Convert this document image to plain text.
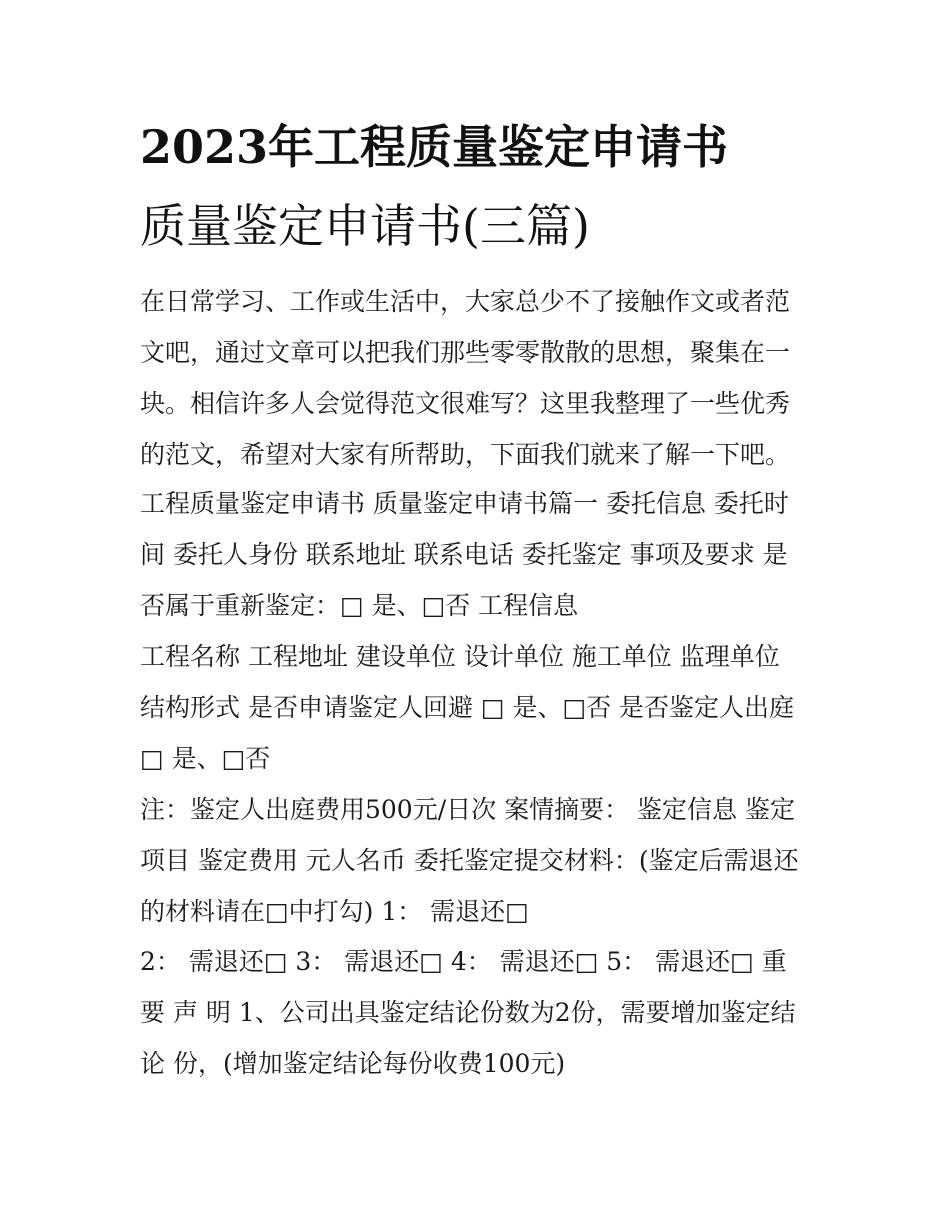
2023年工程质量鉴定申请书
质量鉴定申请书(三篇)

在日常学习、工作或生活中，大家总少不了接触作文或者范文吧，通过文章可以把我们那些零零散散的思想，聚集在一块。相信许多人会觉得范文很难写？这里我整理了一些优秀的范文，希望对大家有所帮助，下面我们就来了解一下吧。

工程质量鉴定申请书 质量鉴定申请书篇一 委托信息 委托时间 委托人身份 联系地址 联系电话 委托鉴定 事项及要求 是否属于重新鉴定：□ 是、□否 工程信息

工程名称 工程地址 建设单位 设计单位 施工单位 监理单位 结构形式 是否申请鉴定人回避 □ 是、□否 是否鉴定人出庭 □ 是、□否

注：鉴定人出庭费用500元/日次 案情摘要： 鉴定信息 鉴定项目 鉴定费用 元人名币 委托鉴定提交材料：(鉴定后需退还的材料请在□中打勾) 1： 需退还□

2： 需退还□ 3： 需退还□ 4： 需退还□ 5： 需退还□ 重 要 声 明 1、公司出具鉴定结论份数为2份，需要增加鉴定结论 份，(增加鉴定结论每份收费100元)
